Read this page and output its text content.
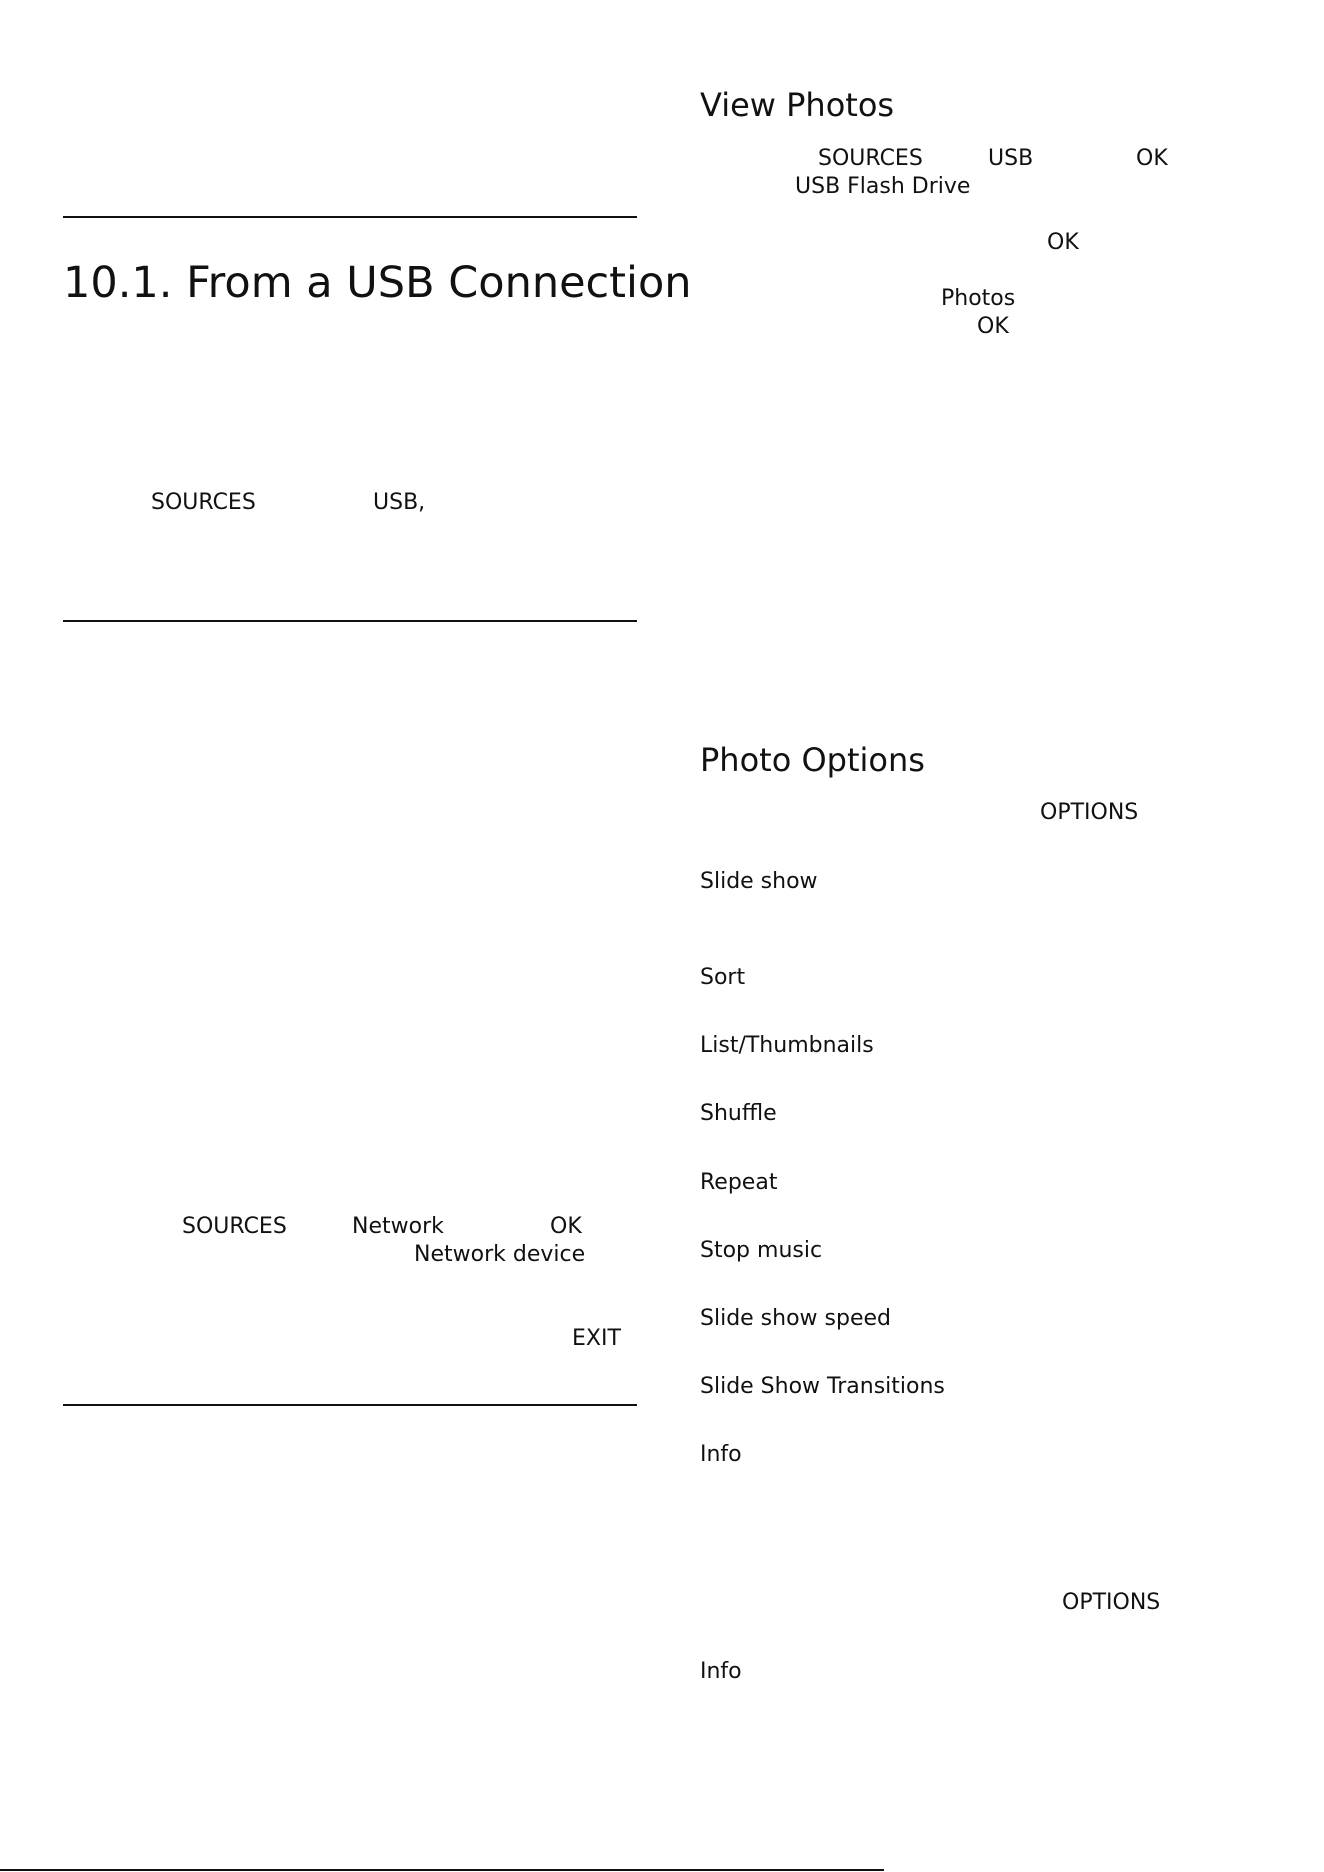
10.1. From a USB Connection
SOURCES	USB,
SOURCES	Network	OK
Network device
EXIT
View Photos
SOURCES	USB	OK
USB Flash Drive
OK
Photos
OK
Photo Options
OPTIONS
Slide show
Sort
List/Thumbnails
Shuffle
Repeat
Stop music
Slide show speed
Slide Show Transitions
Info
OPTIONS
Info
